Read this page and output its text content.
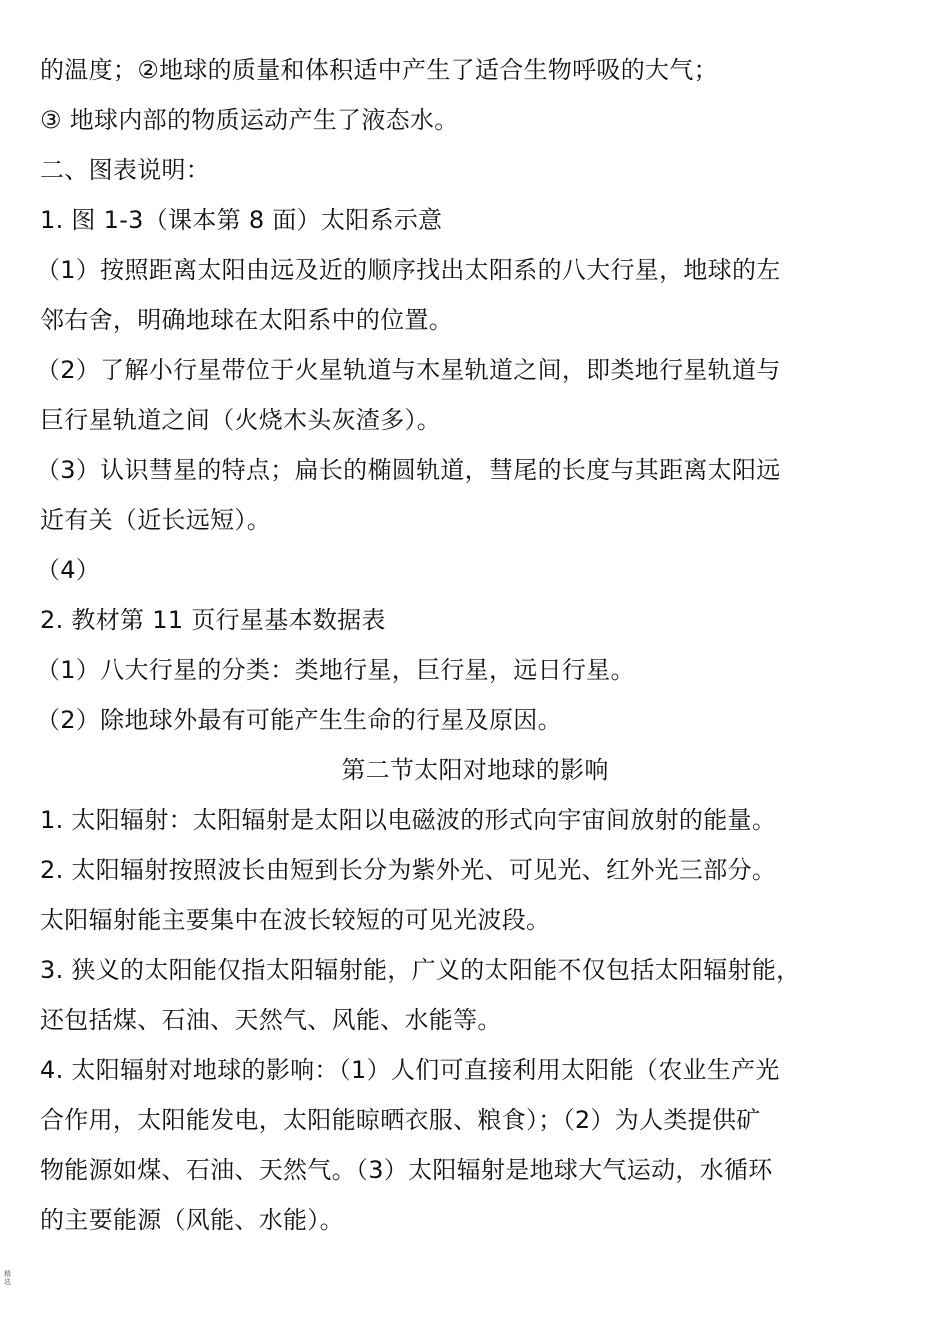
的温度；②地球的质量和体积适中产生了适合生物呼吸的大气；
③ 地球内部的物质运动产生了液态水。
二、图表说明：
1. 图 1-3（课本第 8 面）太阳系示意
（1）按照距离太阳由远及近的顺序找出太阳系的八大行星，地球的左
邻右舍，明确地球在太阳系中的位置。
（2）了解小行星带位于火星轨道与木星轨道之间，即类地行星轨道与
巨行星轨道之间（火烧木头灰渣多）。
（3）认识彗星的特点；扁长的椭圆轨道，彗尾的长度与其距离太阳远
近有关（近长远短）。
（4）
2. 教材第 11 页行星基本数据表
（1）八大行星的分类：类地行星，巨行星，远日行星。
（2）除地球外最有可能产生生命的行星及原因。
第二节太阳对地球的影响
1. 太阳辐射：太阳辐射是太阳以电磁波的形式向宇宙间放射的能量。
2. 太阳辐射按照波长由短到长分为紫外光、可见光、红外光三部分。
太阳辐射能主要集中在波长较短的可见光波段。
3. 狭义的太阳能仅指太阳辐射能，广义的太阳能不仅包括太阳辐射能，
还包括煤、石油、天然气、风能、水能等。
4. 太阳辐射对地球的影响：（1）人们可直接利用太阳能（农业生产光
合作用，太阳能发电，太阳能晾晒衣服、粮食）；（2）为人类提供矿
物能源如煤、石油、天然气。（3）太阳辐射是地球大气运动，水循环
的主要能源（风能、水能）。
精选
